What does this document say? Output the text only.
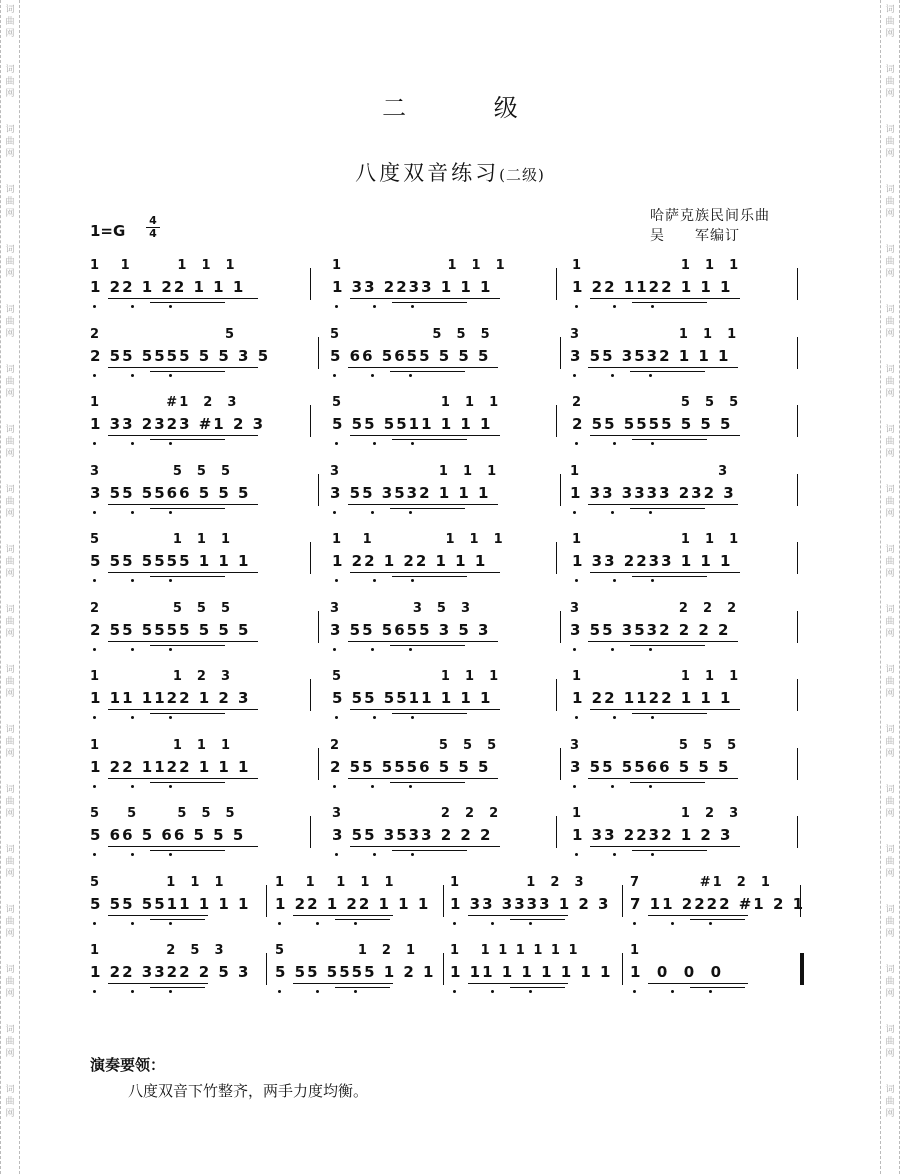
词
曲
网
词
曲
网
词
曲
网
词
曲
网
词
曲
网
词
曲
网
词
曲
网
词
曲
网
词
曲
网
词
曲
网
词
曲
网
词
曲
网
词
曲
网
词
曲
网
词
曲
网
词
曲
网
词
曲
网
词
曲
网
词
曲
网
词
曲
网
词
曲
网
词
曲
网
词
曲
网
词
曲
网
词
曲
网
词
曲
网
词
曲
网
词
曲
网
词
曲
网
词
曲
网
词
曲
网
词
曲
网
词
曲
网
词
曲
网
词
曲
网
词
曲
网
词
曲
网
词
曲
网
二 级
八度双音练习(二级)
1=G
4
4
哈萨克族民间乐曲
吴　　军编订
1   1       1  1  1
1 22 1 22 1 1 1
1                1  1  1
1 33 2233 1 1 1
1               1  1  1
1 22 1122 1 1 1
2                   5
2 55 5555 5 5 3 5
5              5  5  5
5 66 5655 5 5 5
3               1  1  1
3 55 3532 1 1 1
1          #1  2  3
1 33 2323 #1 2 3
5               1  1  1
5 55 5511 1 1 1
2               5  5  5
2 55 5555 5 5 5
3           5  5  5
3 55 5566 5 5 5
3               1  1  1
3 55 3532 1 1 1
1                     3
1 33 3333 232 3
5           1  1  1
5 55 5555 1 1 1
1   1           1  1  1
1 22 1 22 1 1 1
1               1  1  1
1 33 2233 1 1 1
2           5  5  5
2 55 5555 5 5 5
3           3  5  3
3 55 5655 3 5 3
3               2  2  2
3 55 3532 2 2 2
1           1  2  3
1 11 1122 1 2 3
5               1  1  1
5 55 5511 1 1 1
1               1  1  1
1 22 1122 1 1 1
1           1  1  1
1 22 1122 1 1 1
2               5  5  5
2 55 5556 5 5 5
3               5  5  5
3 55 5566 5 5 5
5    5      5  5  5
5 66 5 66 5 5 5
3               2  2  2
3 55 3533 2 2 2
1               1  2  3
1 33 2232 1 2 3
5          1  1  1
5 55 5511 1 1 1
1   1   1  1  1
1 22 1 22 1 1 1
1          1  2  3
1 33 3333 1 2 3
7         #1  2  1
7 11 2222 #1 2 1
1          2  5  3
1 22 3322 2 5 3
5           1  2  1
5 55 5555 1 2 1
1   1 1 1 1 1 1
1 11 1 1 1 1 1 1
1
1  0  0  0
演奏要领：
八度双音下竹整齐，两手力度均衡。
